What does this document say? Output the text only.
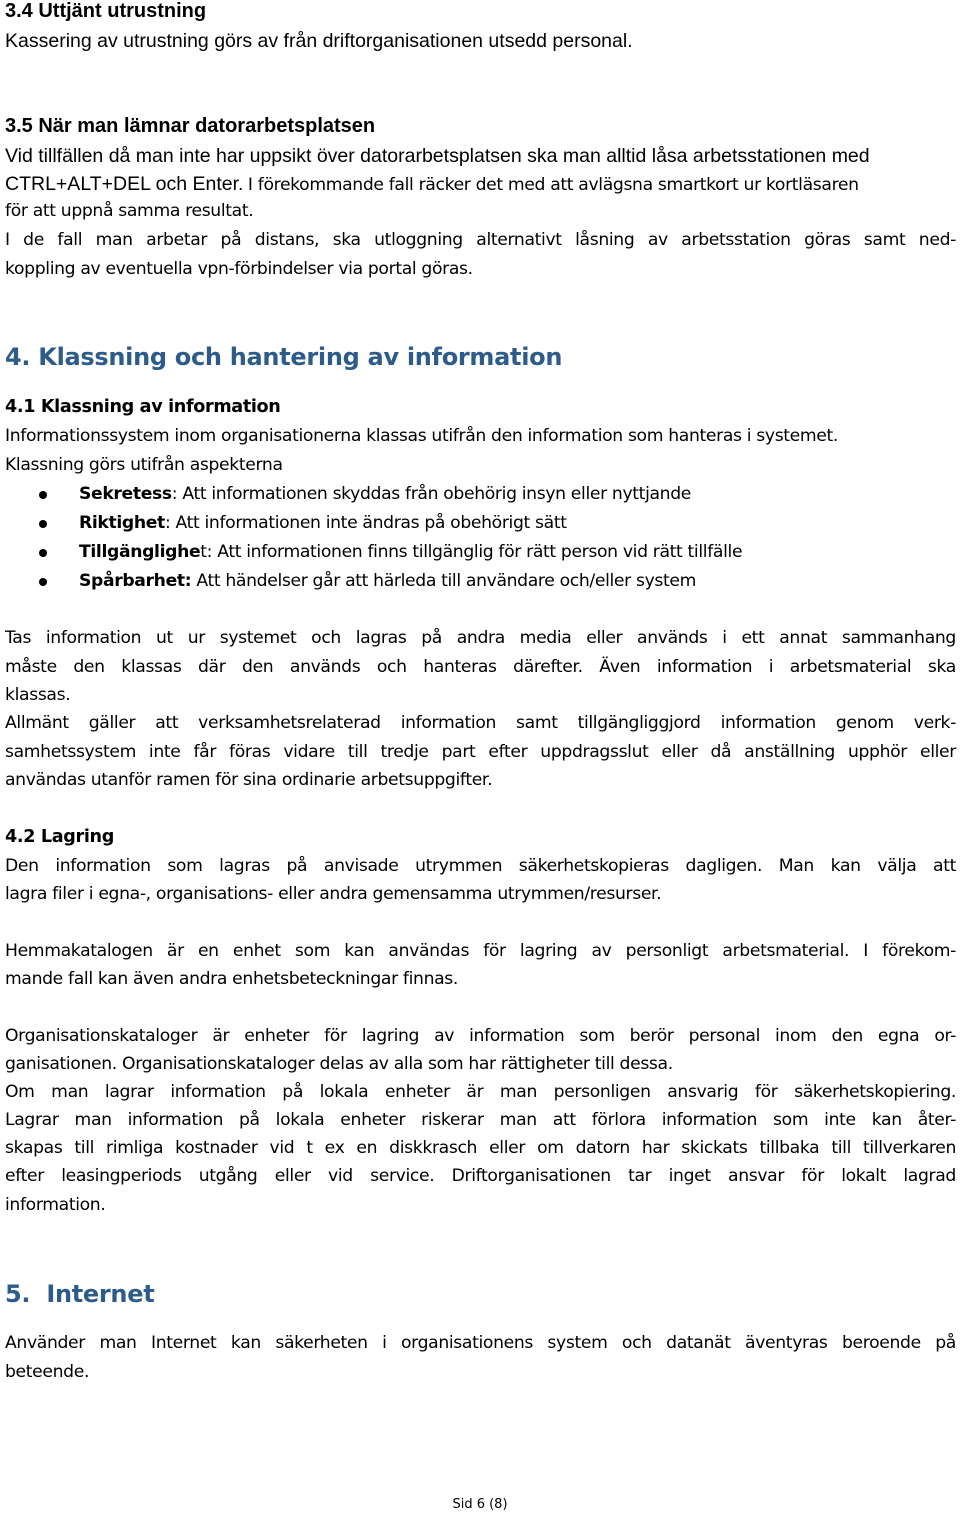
3.4 Uttjänt utrustning
Kassering av utrustning görs av från driftorganisationen utsedd personal.
3.5 När man lämnar datorarbetsplatsen
Vid tillfällen då man inte har uppsikt över datorarbetsplatsen ska man alltid låsa arbetsstationen med
CTRL+ALT+DEL och Enter. I förekommande fall räcker det med att avlägsna smartkort ur kortläsaren
för att uppnå samma resultat.
I de fall man arbetar på distans, ska utloggning alternativt låsning av arbetsstation göras samt ned-
koppling av eventuella vpn-förbindelser via portal göras.
4. Klassning och hantering av information
4.1 Klassning av information
Informationssystem inom organisationerna klassas utifrån den information som hanteras i systemet.
Klassning görs utifrån aspekterna
Sekretess: Att informationen skyddas från obehörig insyn eller nyttjande
Riktighet: Att informationen inte ändras på obehörigt sätt
Tillgänglighet: Att informationen finns tillgänglig för rätt person vid rätt tillfälle
Spårbarhet: Att händelser går att härleda till användare och/eller system
Tas information ut ur systemet och lagras på andra media eller används i ett annat sammanhang
måste den klassas där den används och hanteras därefter. Även information i arbetsmaterial ska
klassas.
Allmänt gäller att verksamhetsrelaterad information samt tillgängliggjord information genom verk-
samhetssystem inte får föras vidare till tredje part efter uppdragsslut eller då anställning upphör eller
användas utanför ramen för sina ordinarie arbetsuppgifter.
4.2 Lagring
Den information som lagras på anvisade utrymmen säkerhetskopieras dagligen. Man kan välja att
lagra filer i egna-, organisations- eller andra gemensamma utrymmen/resurser.
Hemmakatalogen är en enhet som kan användas för lagring av personligt arbetsmaterial. I förekom-
mande fall kan även andra enhetsbeteckningar finnas.
Organisationskataloger är enheter för lagring av information som berör personal inom den egna or-
ganisationen. Organisationskataloger delas av alla som har rättigheter till dessa.
Om man lagrar information på lokala enheter är man personligen ansvarig för säkerhetskopiering.
Lagrar man information på lokala enheter riskerar man att förlora information som inte kan åter-
skapas till rimliga kostnader vid t ex en diskkrasch eller om datorn har skickats tillbaka till tillverkaren
efter leasingperiods utgång eller vid service. Driftorganisationen tar inget ansvar för lokalt lagrad
information.
5.  Internet
Använder man Internet kan säkerheten i organisationens system och datanät äventyras beroende på
beteende.
Sid 6 (8)
